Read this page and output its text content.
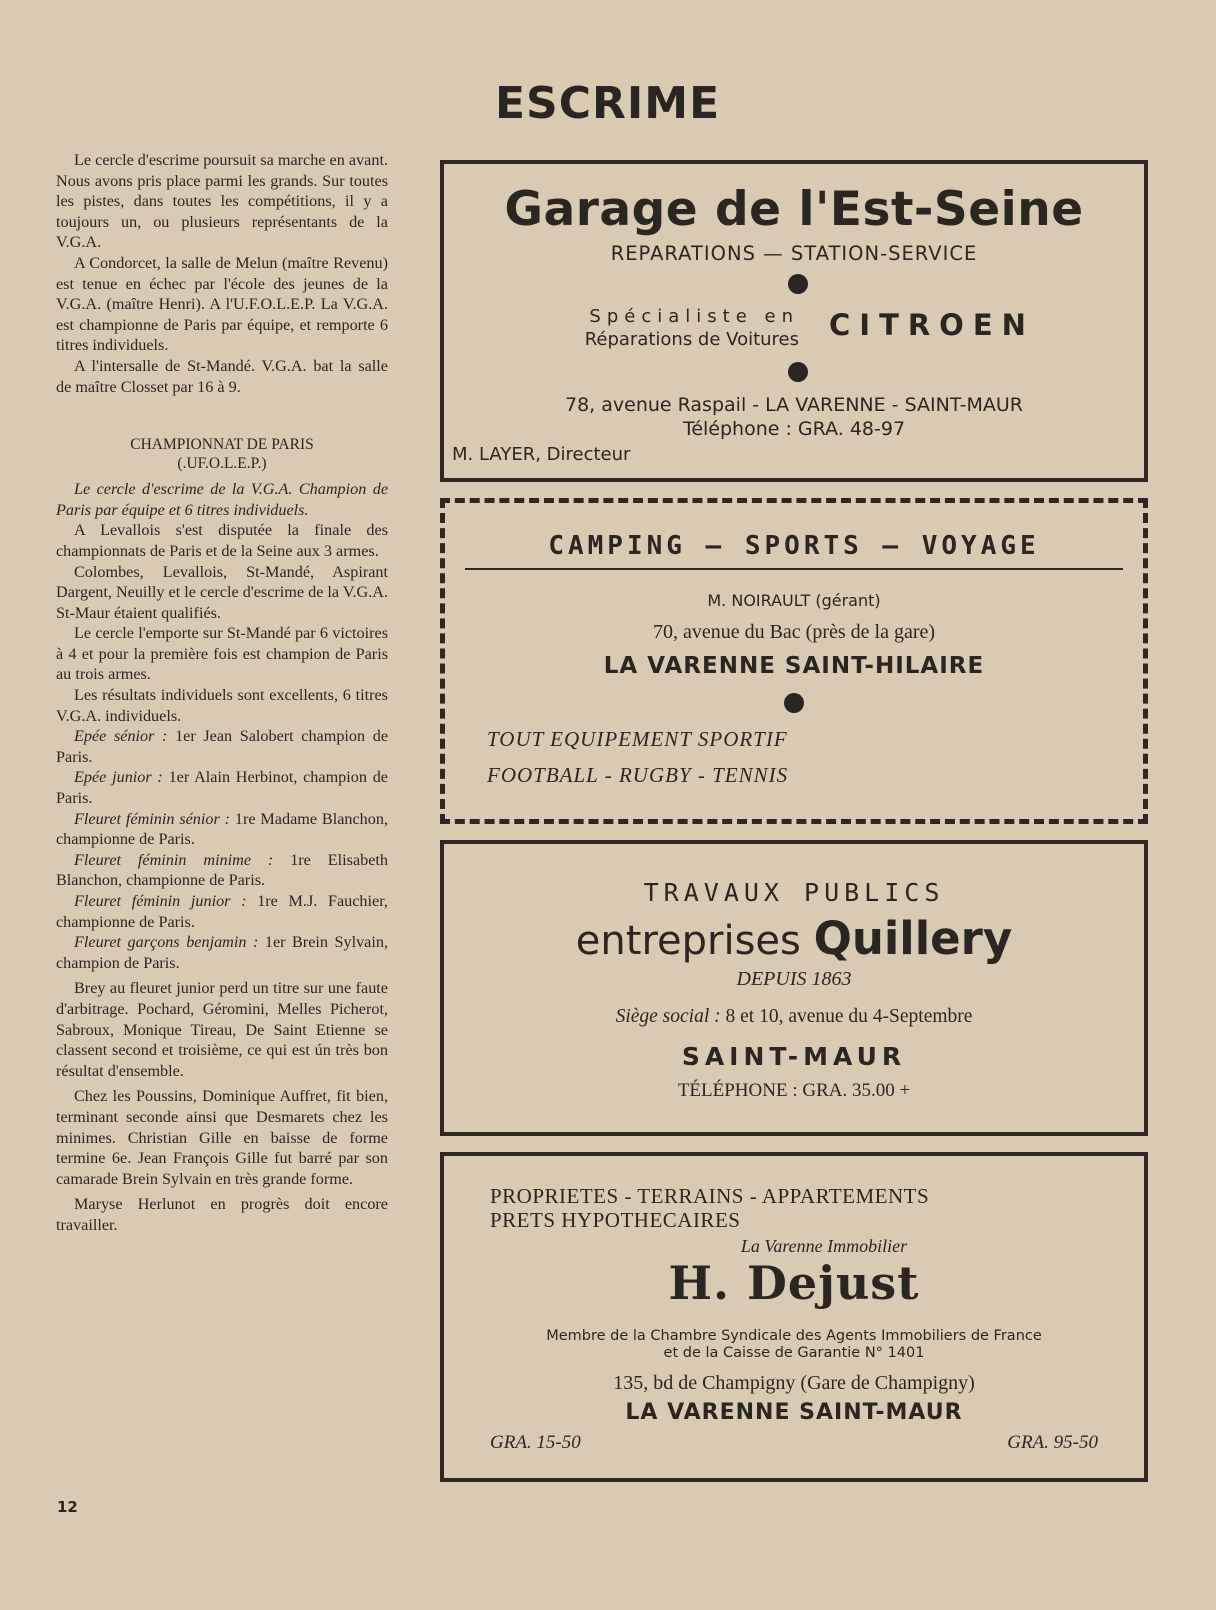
ESCRIME

Le cercle d'escrime poursuit sa marche en avant. Nous avons pris place parmi les grands. Sur toutes les pistes, dans toutes les compétitions, il y a toujours un, ou plusieurs représentants de la V.G.A.

A Condorcet, la salle de Melun (maître Revenu) est tenue en échec par l'école des jeunes de la V.G.A. (maître Henri). A l'U.F.O.L.E.P. La V.G.A. est championne de Paris par équipe, et remporte 6 titres individuels.

A l'intersalle de St-Mandé. V.G.A. bat la salle de maître Closset par 16 à 9.

CHAMPIONNAT DE PARIS
(.UF.O.L.E.P.)

Le cercle d'escrime de la V.G.A. Champion de Paris par équipe et 6 titres individuels.

A Levallois s'est disputée la finale des championnats de Paris et de la Seine aux 3 armes.

Colombes, Levallois, St-Mandé, Aspirant Dargent, Neuilly et le cercle d'escrime de la V.G.A. St-Maur étaient qualifiés.

Le cercle l'emporte sur St-Mandé par 6 victoires à 4 et pour la première fois est champion de Paris au trois armes.

Les résultats individuels sont excellents, 6 titres V.G.A. individuels.

Epée sénior : 1er Jean Salobert champion de Paris.

Epée junior : 1er Alain Herbinot, champion de Paris.

Fleuret féminin sénior : 1re Madame Blanchon, championne de Paris.

Fleuret féminin minime : 1re Elisabeth Blanchon, championne de Paris.

Fleuret féminin junior : 1re M.J. Fauchier, championne de Paris.

Fleuret garçons benjamin : 1er Brein Sylvain, champion de Paris.

Brey au fleuret junior perd un titre sur une faute d'arbitrage. Pochard, Géromini, Melles Picherot, Sabroux, Monique Tireau, De Saint Etienne se classent second et troisième, ce qui est ún très bon résultat d'ensemble.

Chez les Poussins, Dominique Auffret, fit bien, terminant seconde ainsi que Desmarets chez les minimes. Christian Gille en baisse de forme termine 6e. Jean François Gille fut barré par son camarade Brein Sylvain en très grande forme.

Maryse Herlunot en progrès doit encore travailler.

12
Garage de l'Est-Seine
REPARATIONS — STATION-SERVICE
Spécialiste en
Réparations de Voitures CITROEN
78, avenue Raspail - LA VARENNE - SAINT-MAUR
Téléphone : GRA. 48-97
M. LAYER, Directeur
CAMPING — SPORTS — VOYAGE
M. NOIRAULT (gérant)
70, avenue du Bac (près de la gare)
LA VARENNE SAINT-HILAIRE
TOUT EQUIPEMENT SPORTIF
FOOTBALL - RUGBY - TENNIS
TRAVAUX PUBLICS
entreprises Quillery
DEPUIS 1863
Siège social : 8 et 10, avenue du 4-Septembre
SAINT-MAUR
TÉLÉPHONE : GRA. 35.00 +
PROPRIETES - TERRAINS - APPARTEMENTS
PRETS HYPOTHECAIRES
La Varenne Immobilier
H. Dejust
Membre de la Chambre Syndicale des Agents Immobiliers de France
et de la Caisse de Garantie N° 1401
135, bd de Champigny (Gare de Champigny)
LA VARENNE SAINT-MAUR
GRA. 15-50	GRA. 95-50
